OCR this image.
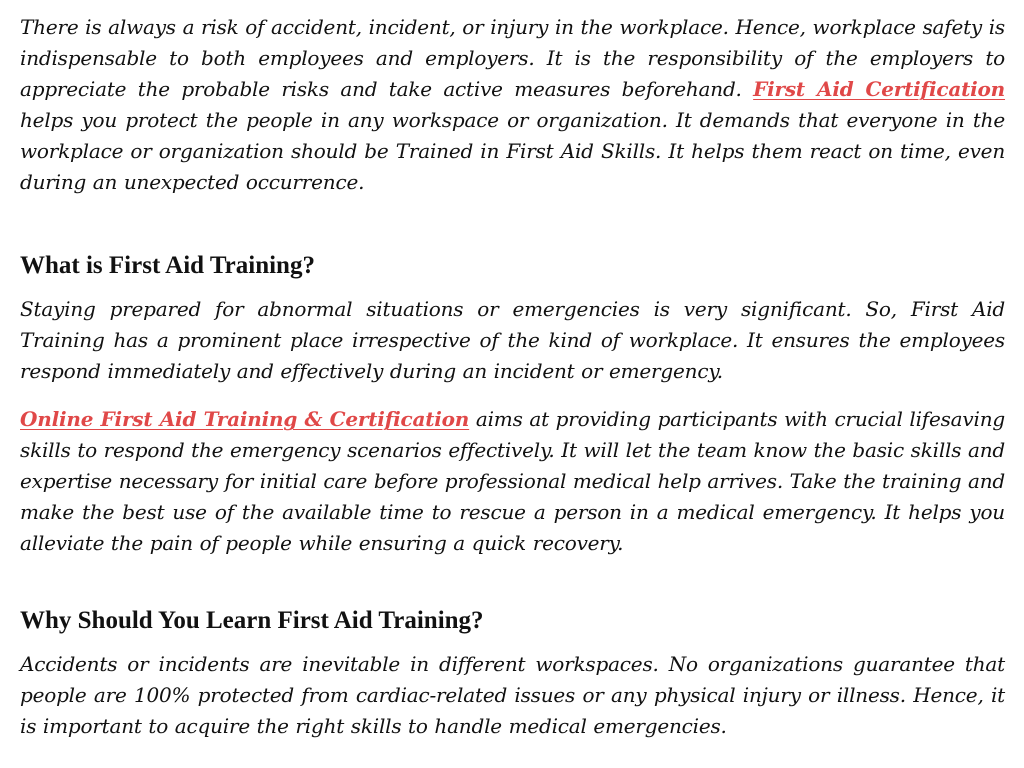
There is always a risk of accident, incident, or injury in the workplace. Hence, workplace safety is indispensable to both employees and employers. It is the responsibility of the employers to appreciate the probable risks and take active measures beforehand. First Aid Certification helps you protect the people in any workspace or organization. It demands that everyone in the workplace or organization should be Trained in First Aid Skills. It helps them react on time, even during an unexpected occurrence.

What is First Aid Training?

Staying prepared for abnormal situations or emergencies is very significant. So, First Aid Training has a prominent place irrespective of the kind of workplace. It ensures the employees respond immediately and effectively during an incident or emergency.

Online First Aid Training & Certification aims at providing participants with crucial lifesaving skills to respond the emergency scenarios effectively. It will let the team know the basic skills and expertise necessary for initial care before professional medical help arrives. Take the training and make the best use of the available time to rescue a person in a medical emergency. It helps you alleviate the pain of people while ensuring a quick recovery.

Why Should You Learn First Aid Training?

Accidents or incidents are inevitable in different workspaces. No organizations guarantee that people are 100% protected from cardiac-related issues or any physical injury or illness. Hence, it is important to acquire the right skills to handle medical emergencies.
